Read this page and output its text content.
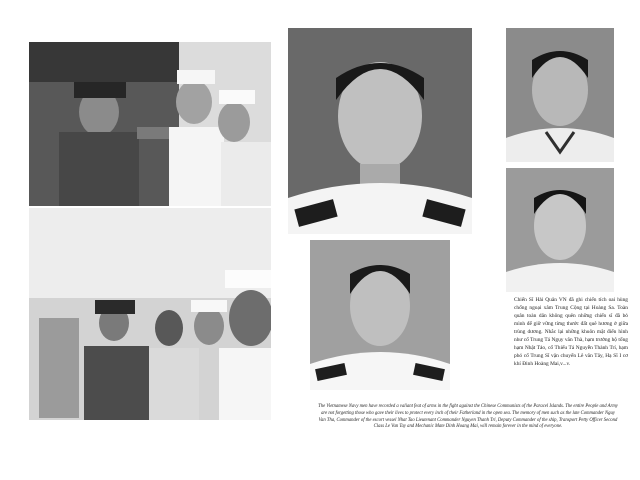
Chiến Sĩ Hải Quân VN đã ghi chiến tích oai hùng chống ngoại xâm Trung Cộng tại Hoàng Sa. Toàn quân toàn dân không quên những chiến sĩ đã bỏ mình để giữ vững từng thước đất quê hương ở giữa trùng dương. Nhắc lại những khuôn mặt điển hình như cố Trung Tá Ngụy văn Thà, hạm trưởng hộ tống hạm Nhật Tảo, cố Thiếu Tá Nguyễn Thành Trí, hạm phó cố Trung Sĩ vận chuyển Lê văn Tây, Hạ Sĩ I cơ khí Đinh Hoàng Mai,v...v.
The Vietnamese Navy men have recorded a valiant feat of arms in the fight against the Chinese Communists of the Paracel Islands. The entire People and Army are not forgetting those who gave their lives to protect every inch of their Fatherland in the open sea. The memory of men such as the late Commander Nguy Van Tha, Commander of the escort vessel Nhat Tao Lieutenant Commander Nguyen Thanh Tri, Deputy Commander of the ship, Transport Petty Officer Second Class Le Van Tay and Mechanic Mate Dinh Hoang Mai, will remain forever in the mind of everyone.
